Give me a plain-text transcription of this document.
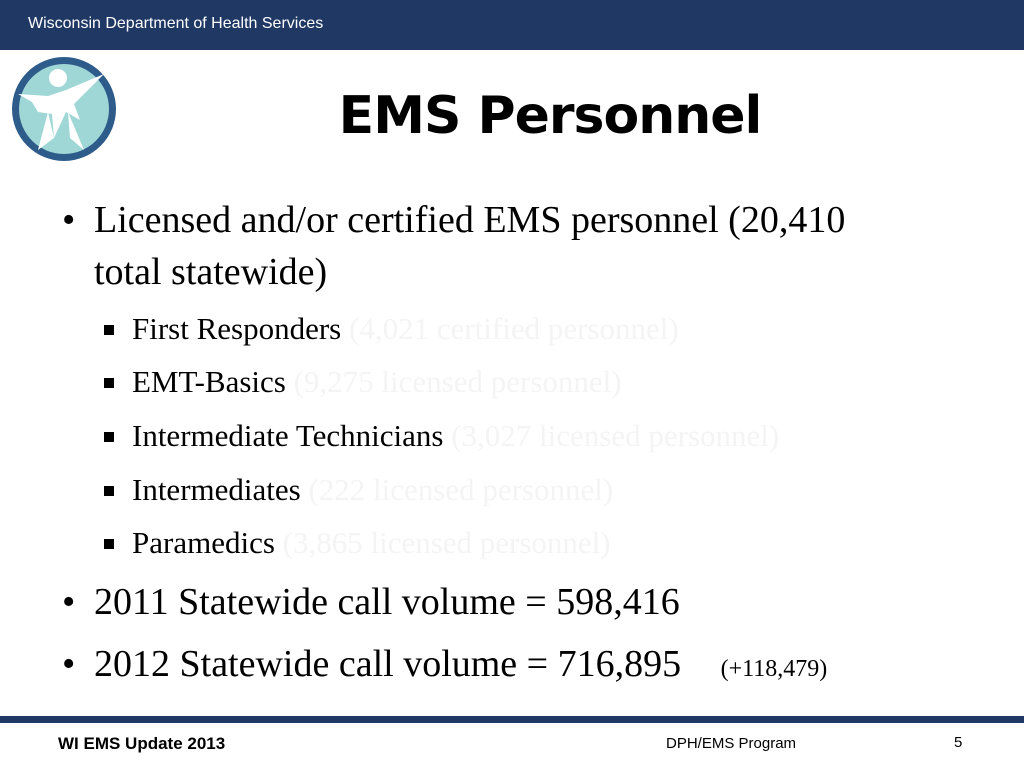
Wisconsin Department of Health Services
EMS Personnel
• Licensed and/or certified EMS personnel (20,410
total statewide)
First Responders (4,021 certified personnel)
EMT-Basics (9,275 licensed personnel)
Intermediate Technicians (3,027 licensed personnel)
Intermediates (222 licensed personnel)
Paramedics (3,865 licensed personnel)
• 2011 Statewide call volume = 598,416
• 2012 Statewide call volume = 716,895 (+118,479)
WI EMS Update 2013	DPH/EMS Program	5
